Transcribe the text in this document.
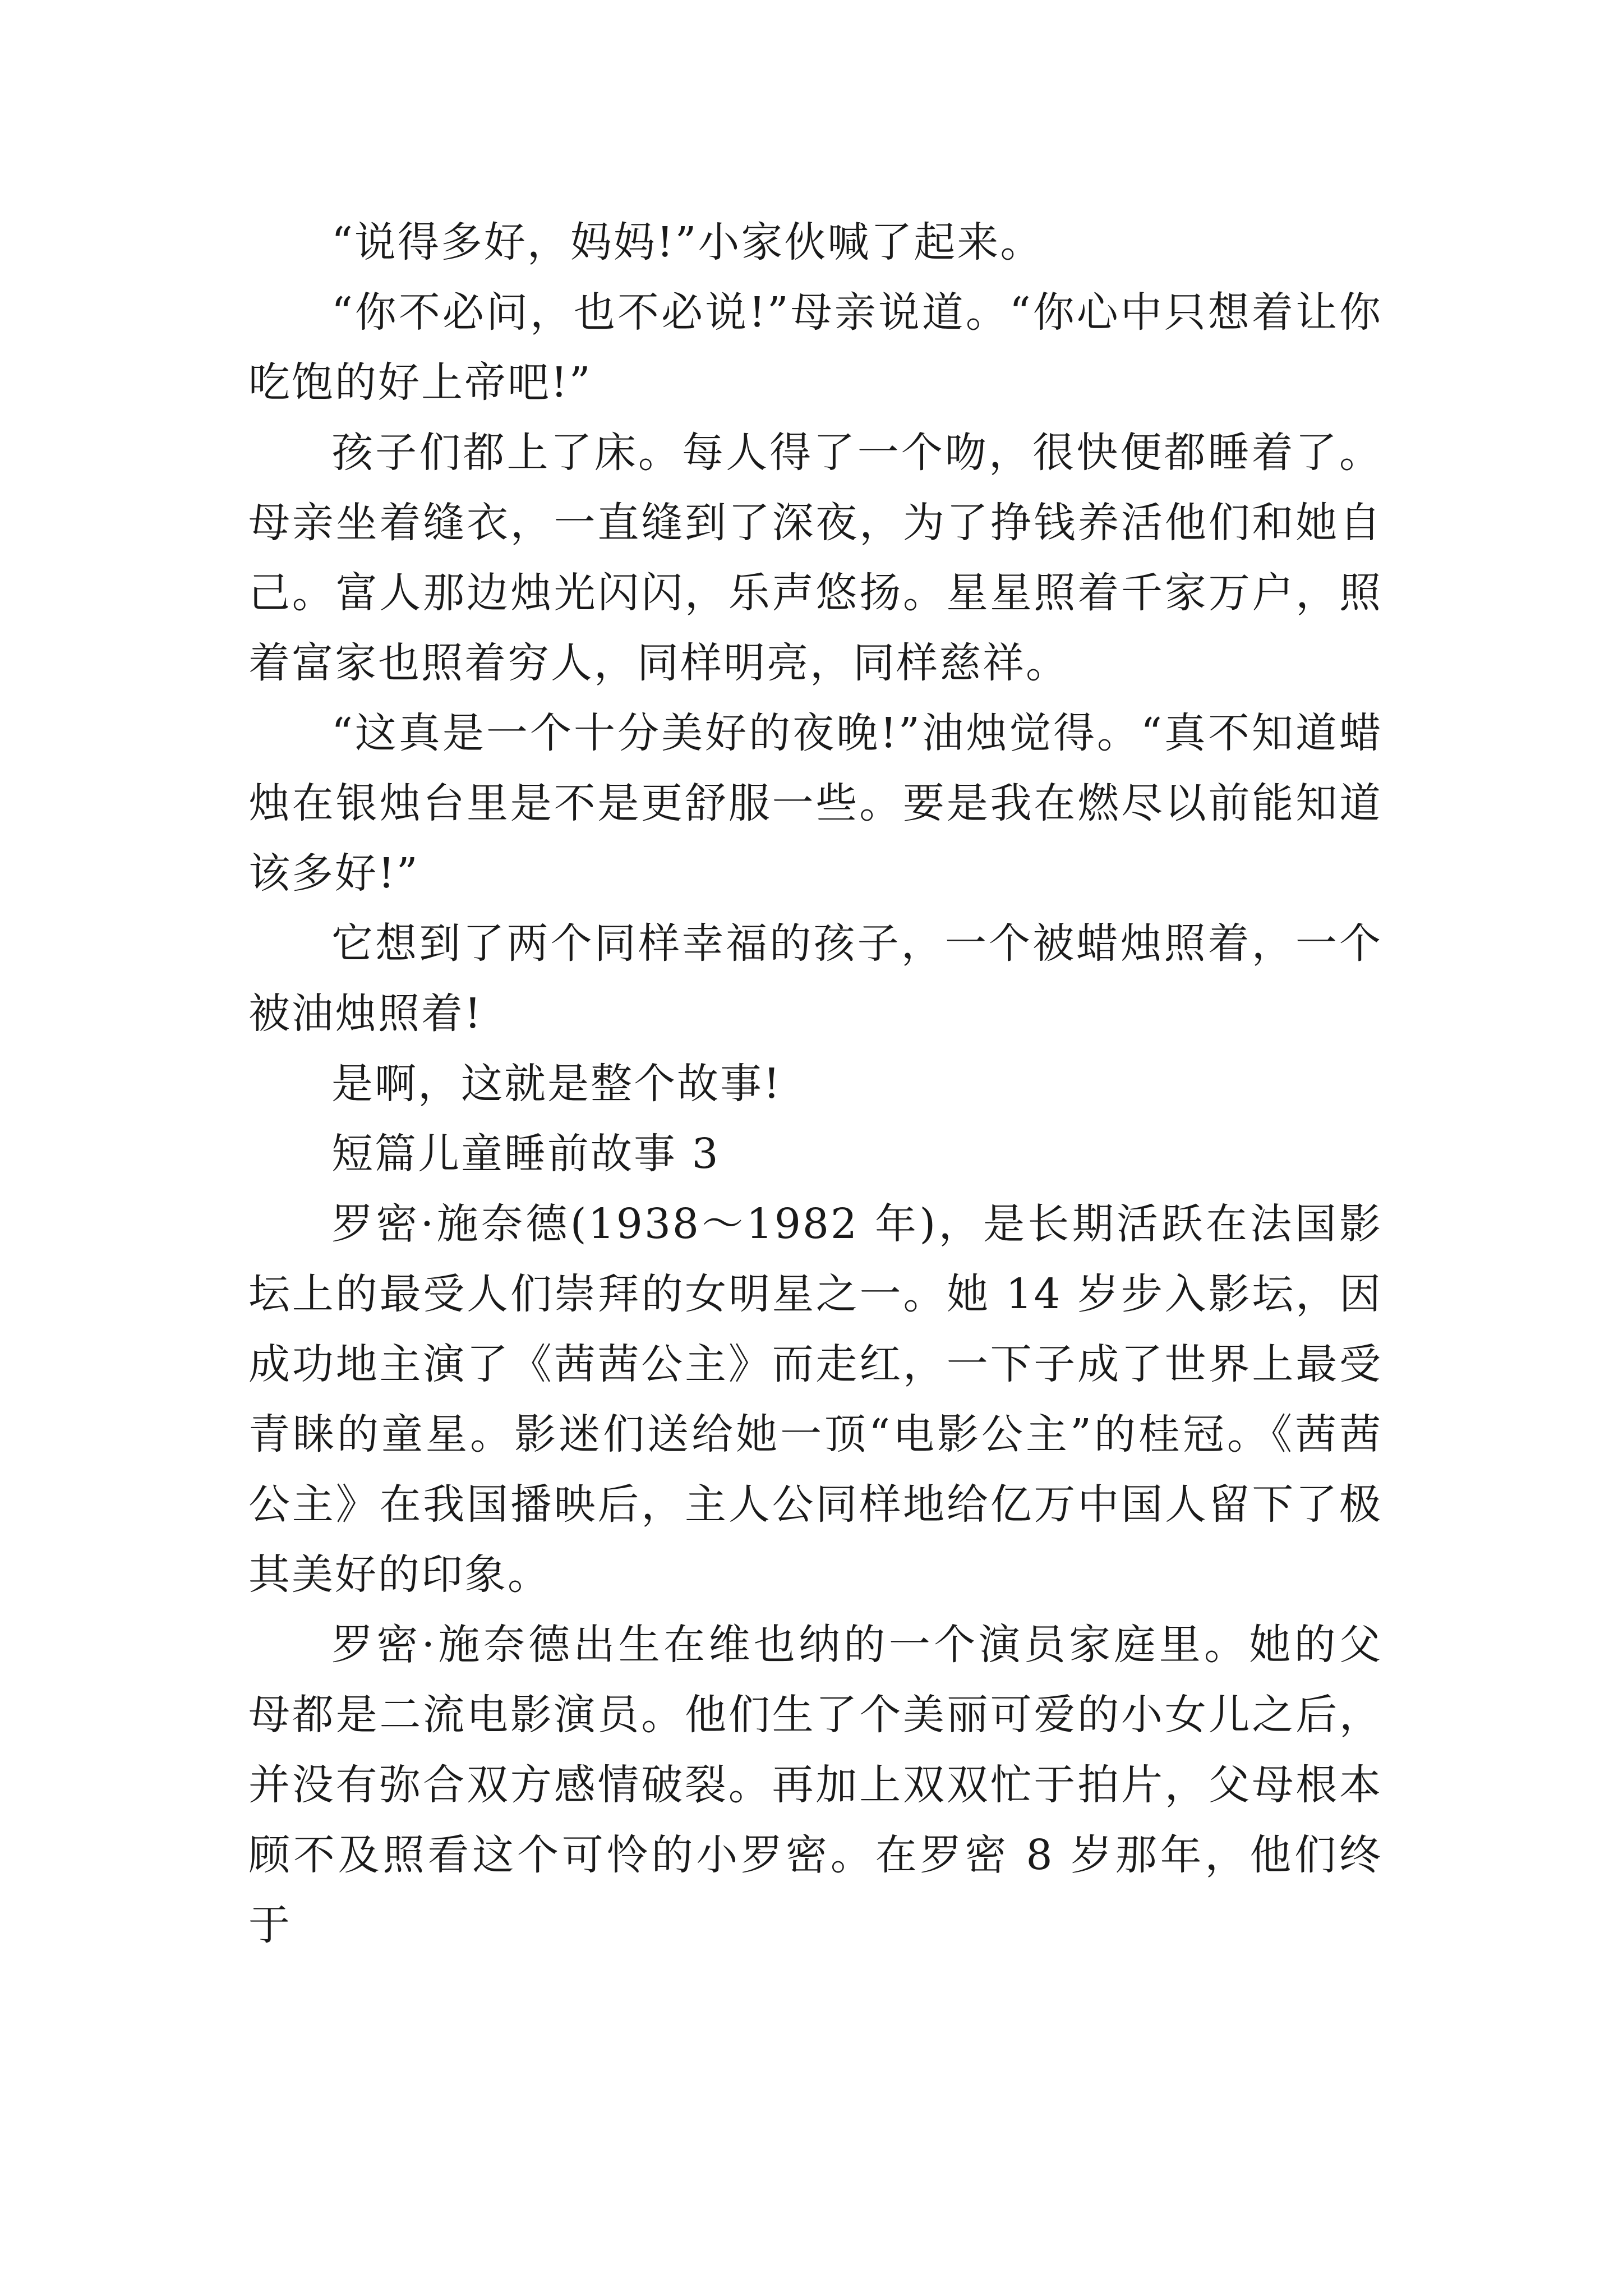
“说得多好，妈妈!”小家伙喊了起来。

“你不必问，也不必说!”母亲说道。“你心中只想着让你吃饱的好上帝吧!”

孩子们都上了床。每人得了一个吻，很快便都睡着了。母亲坐着缝衣，一直缝到了深夜，为了挣钱养活他们和她自己。富人那边烛光闪闪，乐声悠扬。星星照着千家万户，照着富家也照着穷人，同样明亮，同样慈祥。

“这真是一个十分美好的夜晚!”油烛觉得。“真不知道蜡烛在银烛台里是不是更舒服一些。要是我在燃尽以前能知道该多好!”

它想到了两个同样幸福的孩子，一个被蜡烛照着，一个被油烛照着!

是啊，这就是整个故事!

短篇儿童睡前故事 3

罗密·施奈德(1938～1982 年)，是长期活跃在法国影坛上的最受人们崇拜的女明星之一。她 14 岁步入影坛，因成功地主演了《茜茜公主》而走红，一下子成了世界上最受青睐的童星。影迷们送给她一顶“电影公主”的桂冠。《茜茜公主》在我国播映后，主人公同样地给亿万中国人留下了极其美好的印象。

罗密·施奈德出生在维也纳的一个演员家庭里。她的父母都是二流电影演员。他们生了个美丽可爱的小女儿之后，并没有弥合双方感情破裂。再加上双双忙于拍片，父母根本顾不及照看这个可怜的小罗密。在罗密 8 岁那年，他们终于
